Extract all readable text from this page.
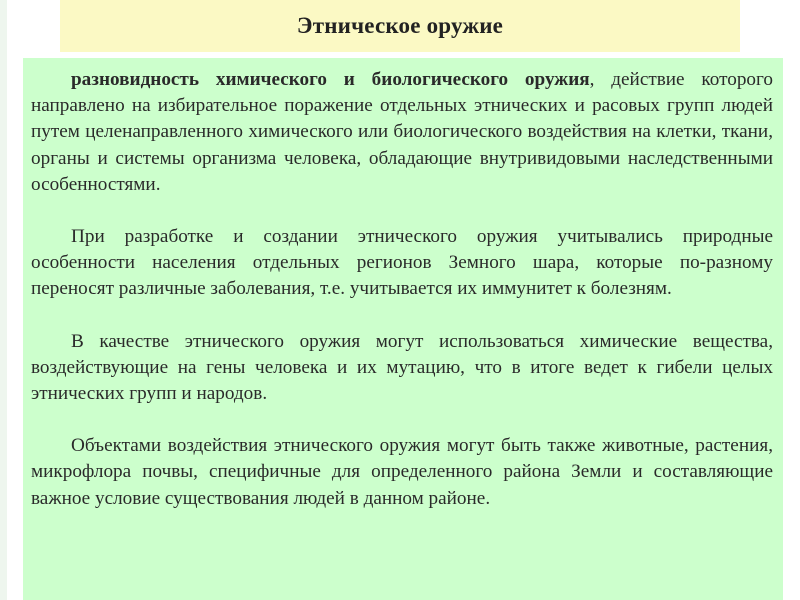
Этническое оружие

разновидность химического и биологического оружия, действие которого направлено на избирательное поражение отдельных этнических и расовых групп людей путем целенаправленного химического или биологического воздействия на клетки, ткани, органы и системы организма человека, обладающие внутривидовыми наследственными особенностями.

При разработке и создании этнического оружия учитывались природные особенности населения отдельных регионов Земного шара, которые по-разному переносят различные заболевания, т.е. учитывается их иммунитет к болезням.

В качестве этнического оружия могут использоваться химические вещества, воздействующие на гены человека и их мутацию, что в итоге ведет к гибели целых этнических групп и народов.

Объектами воздействия этнического оружия могут быть также животные, растения, микрофлора почвы, специфичные для определенного района Земли и составляющие важное условие существования людей в данном районе.
